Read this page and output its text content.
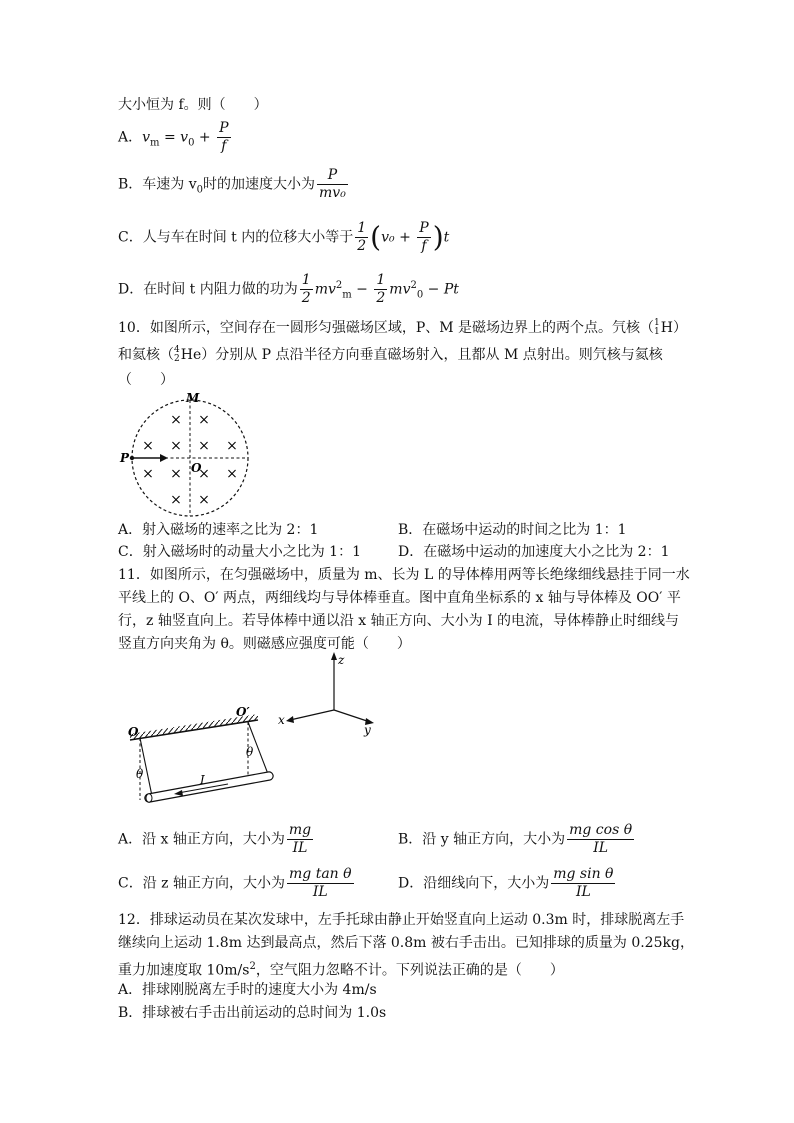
大小恒为 f。则（　　）
A．$v_m = v_0 + \frac{P}{f}$
B．车速为 $v_0$时的加速度大小为 $\frac{P}{\text{mv₀}}$
C．人与车在时间 t 内的位移大小等于 $\frac{1}{2} (v_0 + \frac{P}{f} )t$
D．在时间 t 内阻力做的功为 $\frac{1}{2} mv^2_m - \frac{1}{2} mv^2_0 - Pt$
10．如图所示，空间存在一圆形匀强磁场区域，P、M 是磁场边界上的两个点。氕核（1
1H）
和氦核（4
2He）分别从 P 点沿半径方向垂直磁场射入，且都从 M 点射出。则氕核与氦核
（　　）
M
P
O
× ×
× × × ×
× × × ×
× ×
A．射入磁场的速率之比为 2：1	B．在磁场中运动的时间之比为 1：1
C．射入磁场时的动量大小之比为 1：1	D．在磁场中运动的加速度大小之比为 2：1
11．如图所示，在匀强磁场中，质量为 m、长为 L 的导体棒用两等长绝缘细线悬挂于同一水
平线上的 O、O′ 两点，两细线均与导体棒垂直。图中直角坐标系的 x 轴与导体棒及 OO′ 平
行，z 轴竖直向上。若导体棒中通以沿 x 轴正方向、大小为 I 的电流，导体棒静止时细线与
竖直方向夹角为 θ。则磁感应强度可能（　　）
z
x
y
O
O′
θ
θ
I
A．沿 x 轴正方向，大小为 $\frac{mg}{IL}$	B．沿 y 轴正方向，大小为 $\frac{\text{mg cos θ}}{IL}$
C．沿 z 轴正方向，大小为 $\frac{\text{mg tan θ}}{IL}$	D．沿细线向下，大小为 $\frac{\text{mg sin θ}}{IL}$
12．排球运动员在某次发球中，左手托球由静止开始竖直向上运动 0.3m 时，排球脱离左手
继续向上运动 1.8m 达到最高点，然后下落 0.8m 被右手击出。已知排球的质量为 0.25kg，
重力加速度取 $10m/s^2$，空气阻力忽略不计。下列说法正确的是（　　）
A．排球刚脱离左手时的速度大小为 4m/s
B．排球被右手击出前运动的总时间为 1.0s
